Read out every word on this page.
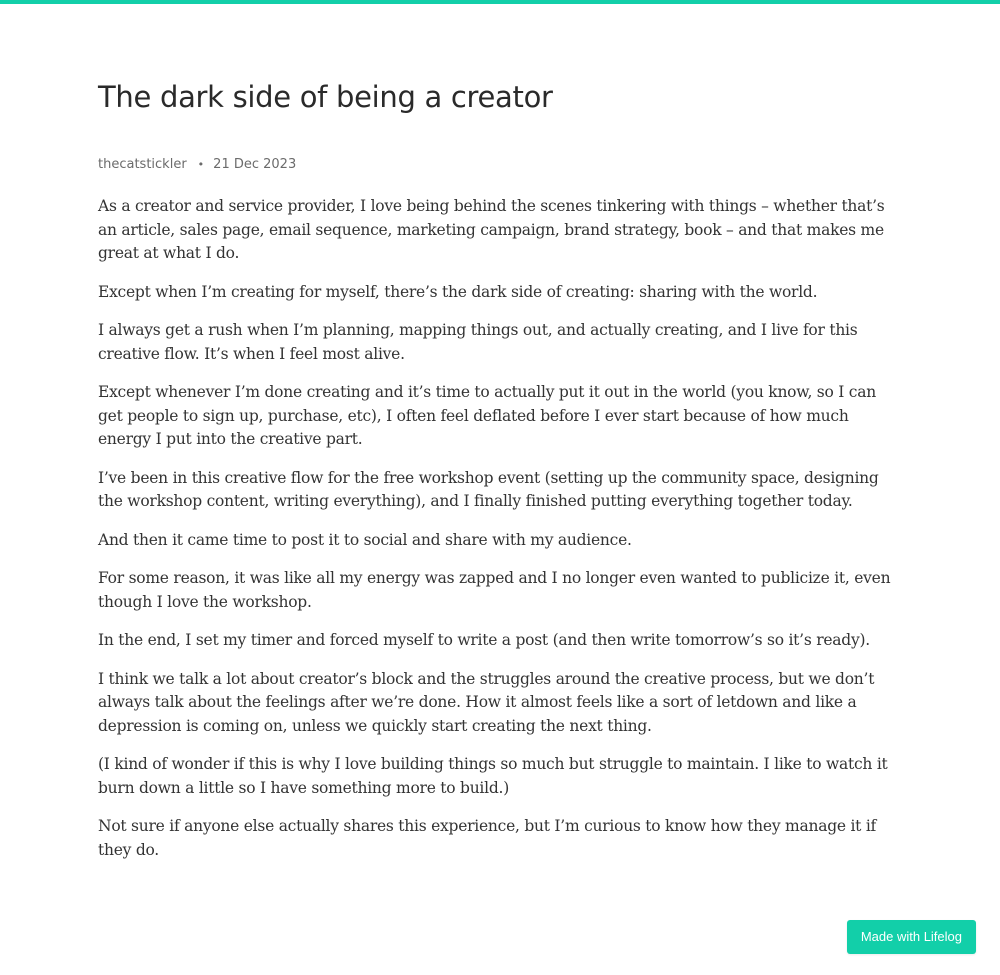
The dark side of being a creator
thecatstickler • 21 Dec 2023

As a creator and service provider, I love being behind the scenes tinkering with things – whether that’s an article, sales page, email sequence, marketing campaign, brand strategy, book – and that makes me great at what I do.

Except when I’m creating for myself, there’s the dark side of creating: sharing with the world.

I always get a rush when I’m planning, mapping things out, and actually creating, and I live for this creative flow. It’s when I feel most alive.

Except whenever I’m done creating and it’s time to actually put it out in the world (you know, so I can get people to sign up, purchase, etc), I often feel deflated before I ever start because of how much energy I put into the creative part.

I’ve been in this creative flow for the free workshop event (setting up the community space, designing the workshop content, writing everything), and I finally finished putting everything together today.

And then it came time to post it to social and share with my audience.

For some reason, it was like all my energy was zapped and I no longer even wanted to publicize it, even though I love the workshop.

In the end, I set my timer and forced myself to write a post (and then write tomorrow’s so it’s ready).

I think we talk a lot about creator’s block and the struggles around the creative process, but we don’t always talk about the feelings after we’re done. How it almost feels like a sort of letdown and like a depression is coming on, unless we quickly start creating the next thing.

(I kind of wonder if this is why I love building things so much but struggle to maintain. I like to watch it burn down a little so I have something more to build.)

Not sure if anyone else actually shares this experience, but I’m curious to know how they manage it if they do.

Made with Lifelog
